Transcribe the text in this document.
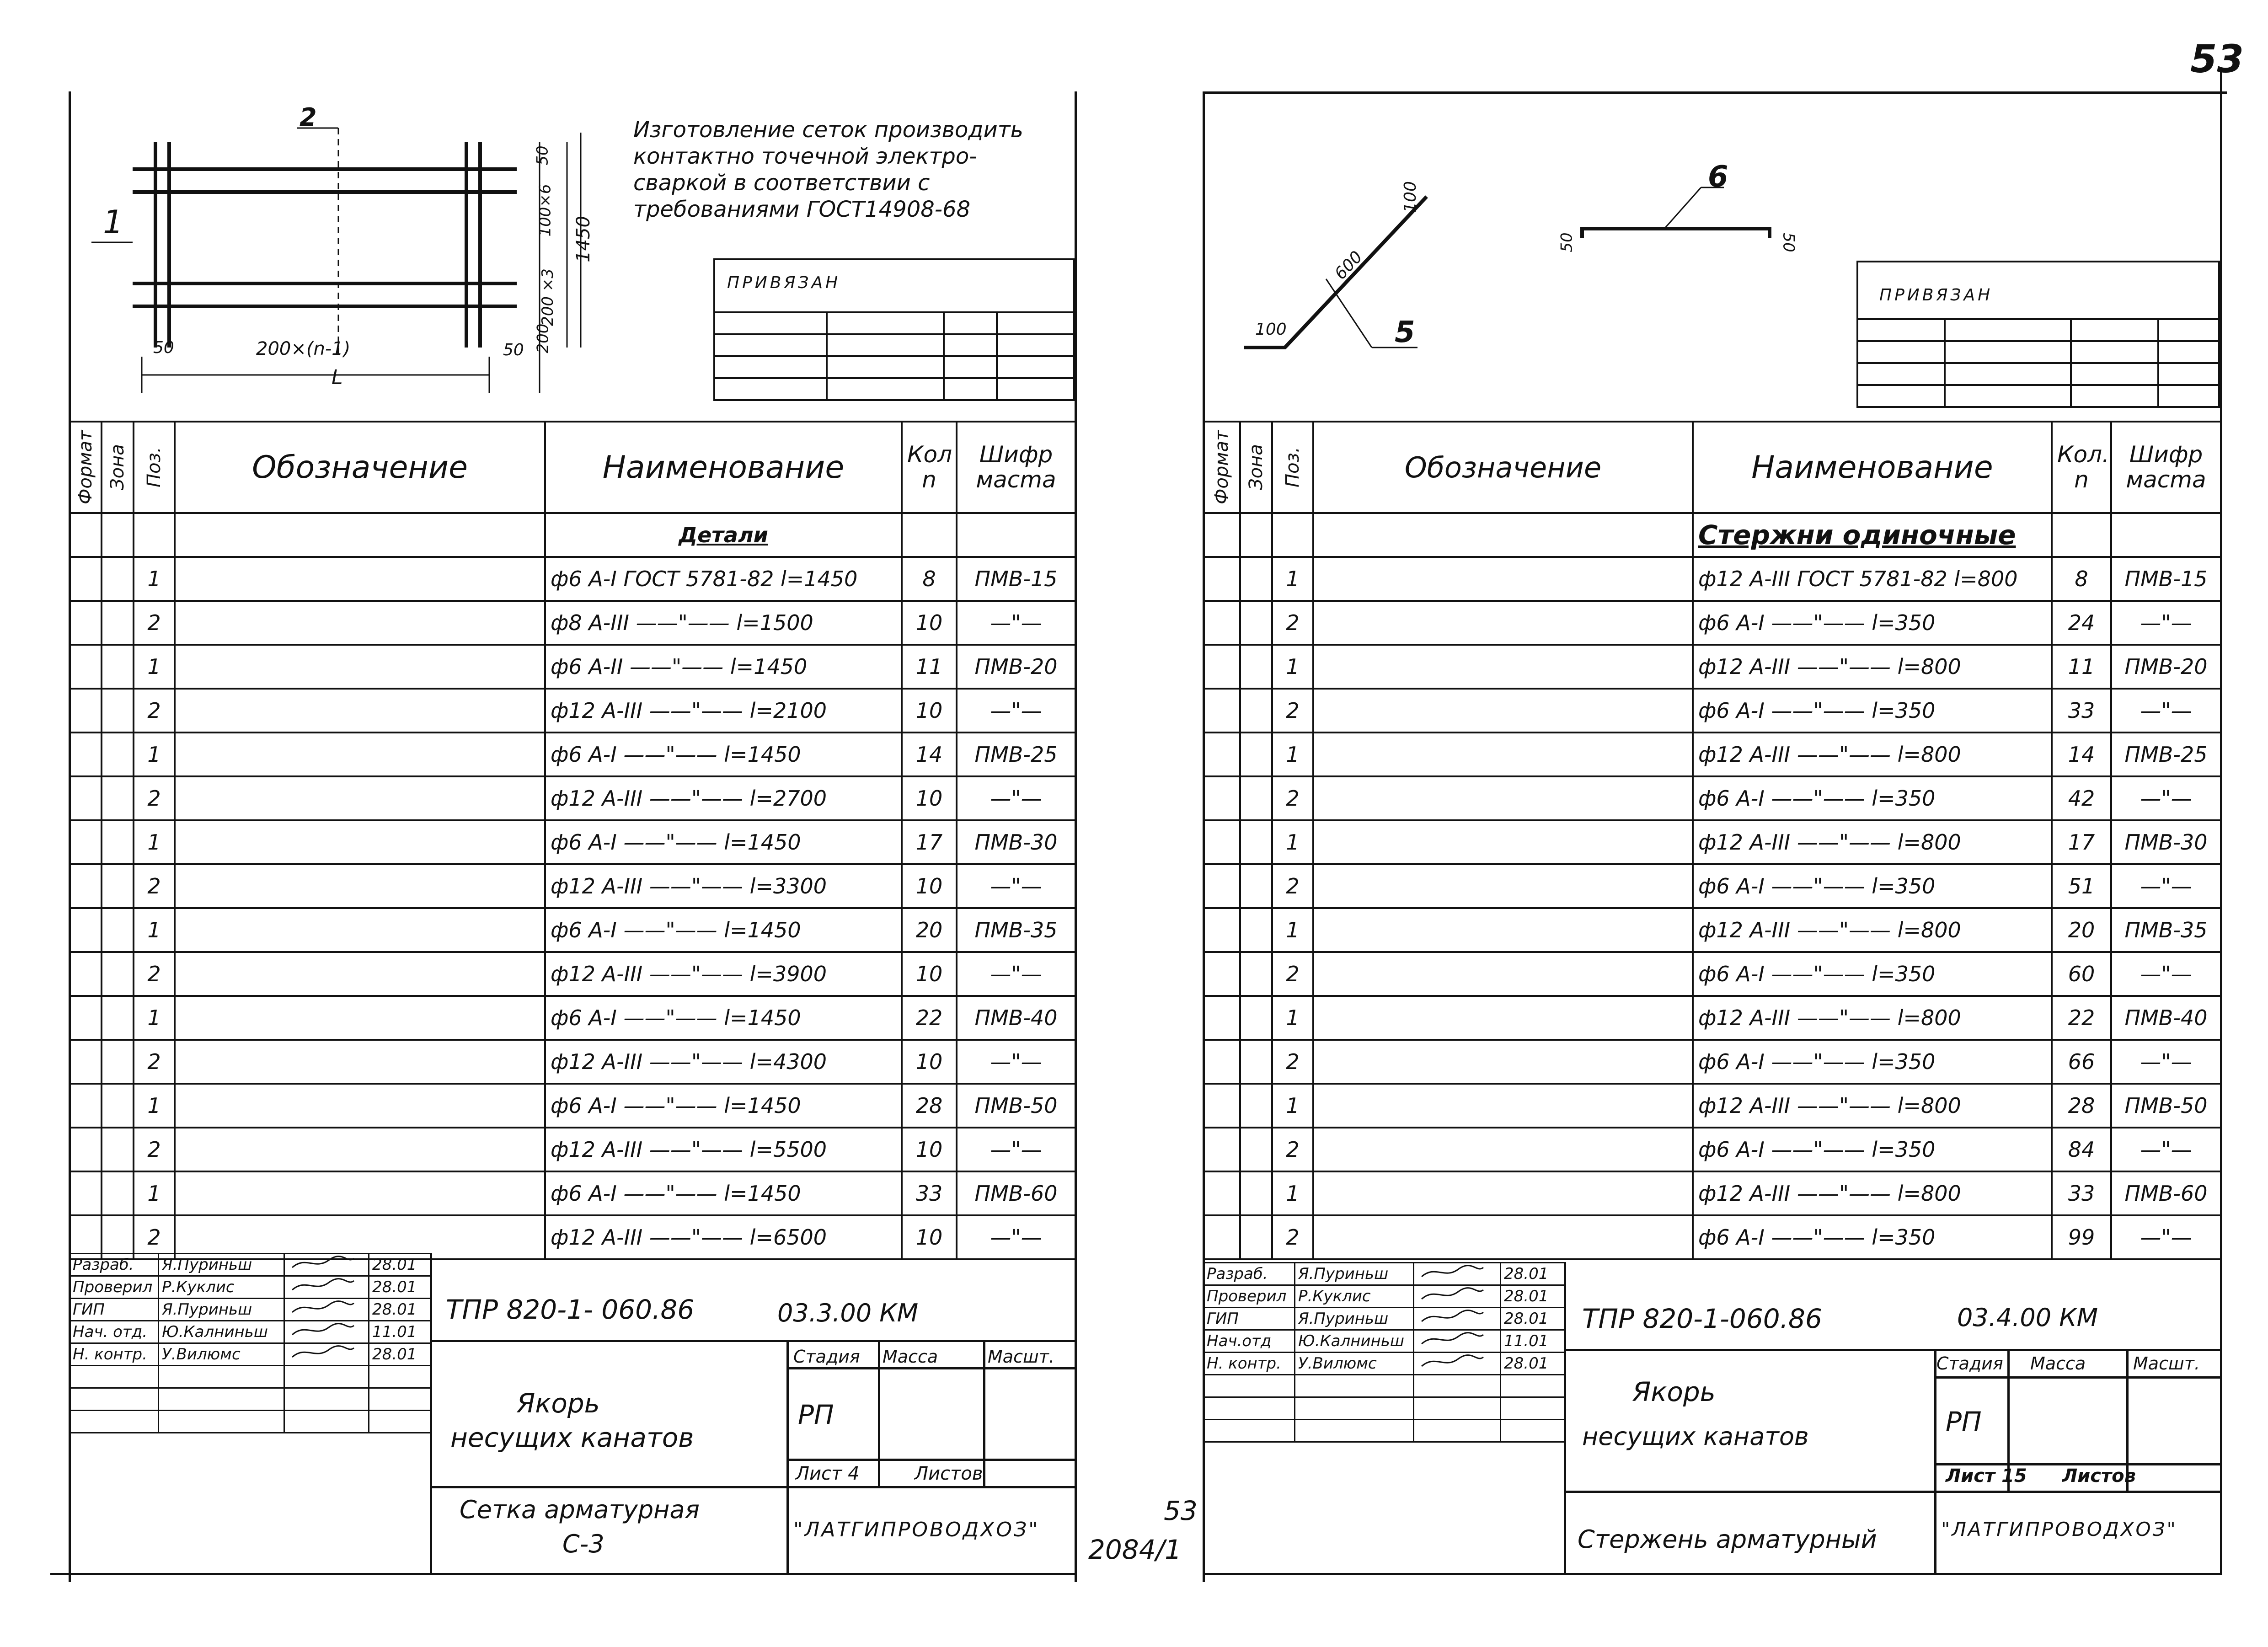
53
2
1
200×(n-1)
L
50	50
50
100×6
200 ×3
200
1450
Изготовление сеток производить
контактно точечной электро-
сваркой в соответствии с
требованиями ГОСТ14908-68
ПРИВЯЗАН

Формат	Зона	Поз.	Обозначение	Наименование	Кол n	Шифр масmа
				Детали		
		1		ф6 А-I ГОСТ 5781-82 l=1450	8	ПМВ-15
		2		ф8 А-III ——"—— l=1500	10	—"—
		1		ф6 А-II ——"—— l=1450	11	ПМВ-20
		2		ф12 А-III ——"—— l=2100	10	—"—
		1		ф6 А-I ——"—— l=1450	14	ПМВ-25
		2		ф12 А-III ——"—— l=2700	10	—"—
		1		ф6 А-I ——"—— l=1450	17	ПМВ-30
		2		ф12 А-III ——"—— l=3300	10	—"—
		1		ф6 А-I ——"—— l=1450	20	ПМВ-35
		2		ф12 А-III ——"—— l=3900	10	—"—
		1		ф6 А-I ——"—— l=1450	22	ПМВ-40
		2		ф12 А-III ——"—— l=4300	10	—"—
		1		ф6 А-I ——"—— l=1450	28	ПМВ-50
		2		ф12 А-III ——"—— l=5500	10	—"—
		1		ф6 А-I ——"—— l=1450	33	ПМВ-60
		2		ф12 А-III ——"—— l=6500	10	—"—
Разраб.	Я.Пуриньш		28.01
Проверил	Р.Куклис		28.01
ГИП	Я.Пуриньш		28.01
Нач. отд.	Ю.Калниньш		11.01
Н. контр.	У.Вилюмс		28.01

ТПР 820-1- 060.86	03.3.00 КМ
Якорь
несущих канатов
Стадия Масса	Масшт.
РП
Лист 4	Листов
Сетка арматурная
С-3	"ЛАТГИПРОВОДХОЗ"
53
2084/1
5
6
100
600
100
50	50
ПРИВЯЗАН

Формат	Зона	Поз.	Обозначение	Наименование	Кол. n	Шифр масmа
				Стержни одиночные		
		1		ф12 А-III ГОСТ 5781-82 l=800	8	ПМВ-15
		2		ф6 А-I ——"—— l=350	24	—"—
		1		ф12 А-III ——"—— l=800	11	ПМВ-20
		2		ф6 А-I ——"—— l=350	33	—"—
		1		ф12 А-III ——"—— l=800	14	ПМВ-25
		2		ф6 А-I ——"—— l=350	42	—"—
		1		ф12 А-III ——"—— l=800	17	ПМВ-30
		2		ф6 А-I ——"—— l=350	51	—"—
		1		ф12 А-III ——"—— l=800	20	ПМВ-35
		2		ф6 А-I ——"—— l=350	60	—"—
		1		ф12 А-III ——"—— l=800	22	ПМВ-40
		2		ф6 А-I ——"—— l=350	66	—"—
		1		ф12 А-III ——"—— l=800	28	ПМВ-50
		2		ф6 А-I ——"—— l=350	84	—"—
		1		ф12 А-III ——"—— l=800	33	ПМВ-60
		2		ф6 А-I ——"—— l=350	99	—"—
Разраб.	Я.Пуриньш		28.01
Проверил	Р.Куклис		28.01
ГИП	Я.Пуриньш		28.01
Нач.отд	Ю.Калниньш		11.01
Н. контр.	У.Вилюмс		28.01

ТПР 820-1-060.86	03.4.00 КМ
Якорь
несущих канатов
Стадия Масса	Масшт.
РП
Лист 15 Листов
Стержень арматурный	"ЛАТГИПРОВОДХОЗ"
